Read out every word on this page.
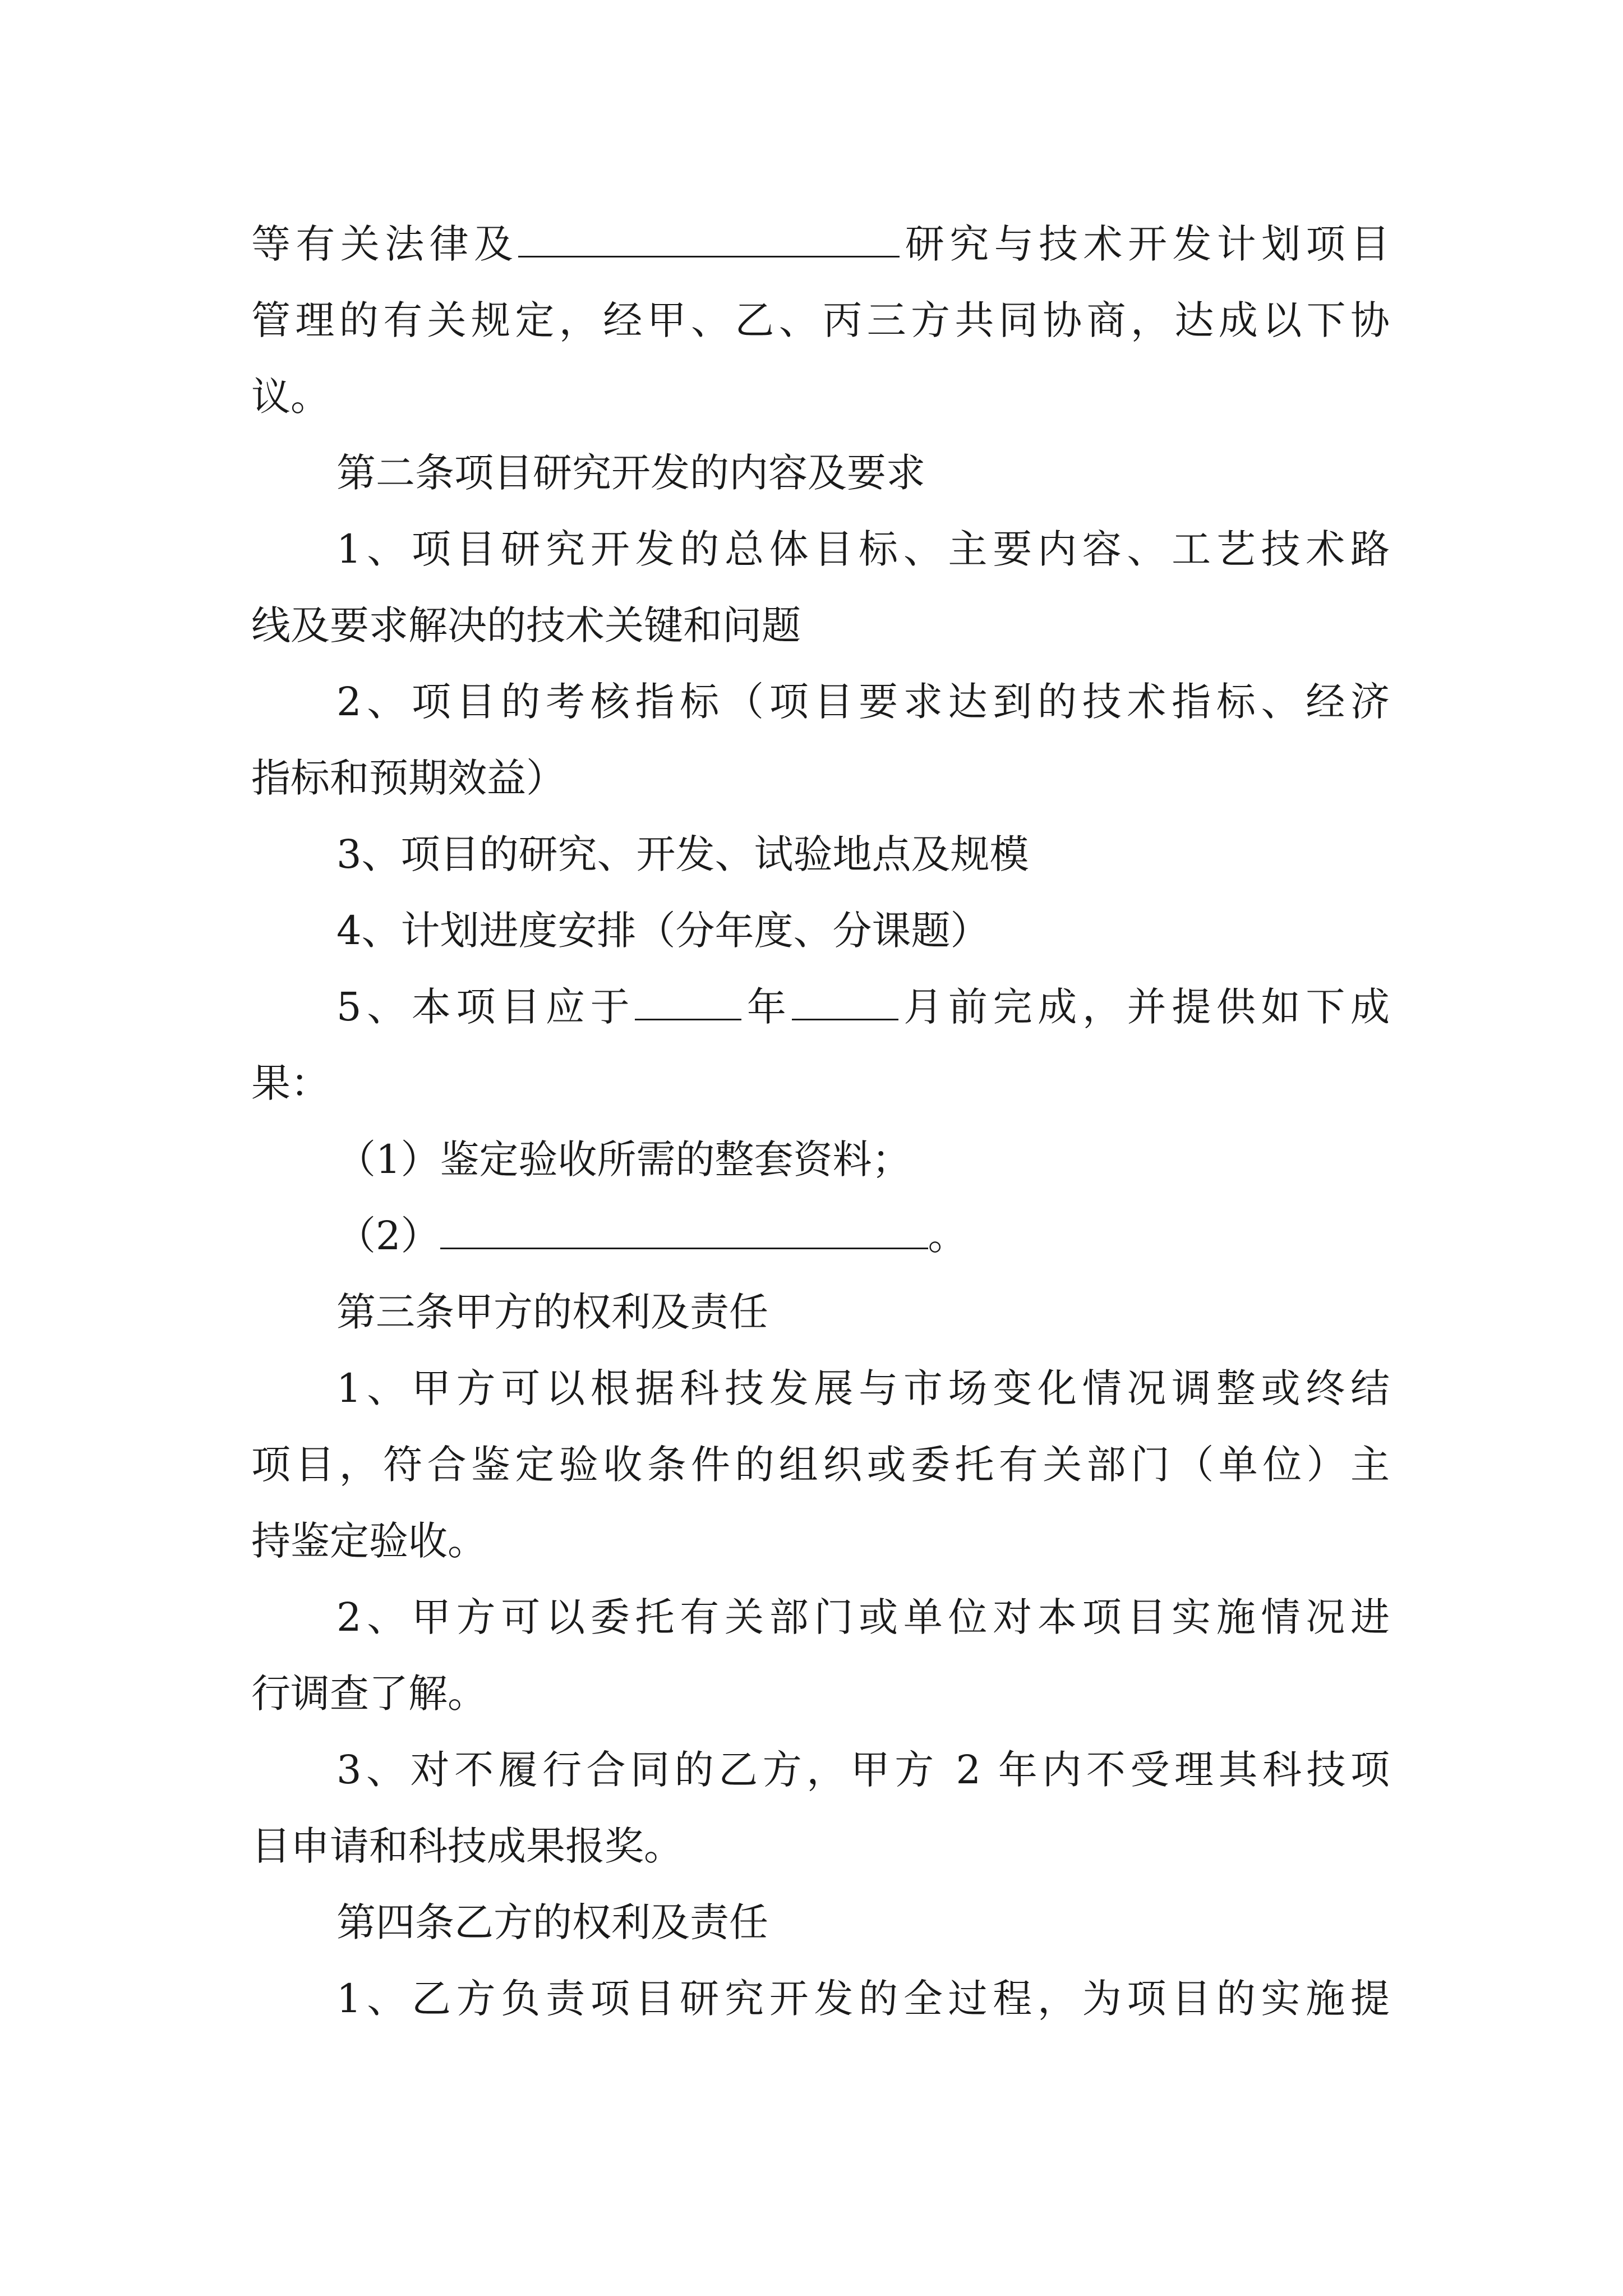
等有关法律及	研究与技术开发计划项目
管理的有关规定，经甲、乙、丙三方共同协商，达成以下协
议。
第二条项目研究开发的内容及要求
1、项目研究开发的总体目标、主要内容、工艺技术路
线及要求解决的技术关键和问题
2、项目的考核指标（项目要求达到的技术指标、经济
指标和预期效益）
3、项目的研究、开发、试验地点及规模
4、计划进度安排（分年度、分课题）
5、本项目应于	年	月前完成，并提供如下成
果：
（1）鉴定验收所需的整套资料；
（2）	。
第三条甲方的权利及责任
1、甲方可以根据科技发展与市场变化情况调整或终结
项目，符合鉴定验收条件的组织或委托有关部门（单位）主
持鉴定验收。
2、甲方可以委托有关部门或单位对本项目实施情况进
行调查了解。
3、对不履行合同的乙方，甲方 2 年内不受理其科技项
目申请和科技成果报奖。
第四条乙方的权利及责任
1、乙方负责项目研究开发的全过程，为项目的实施提
